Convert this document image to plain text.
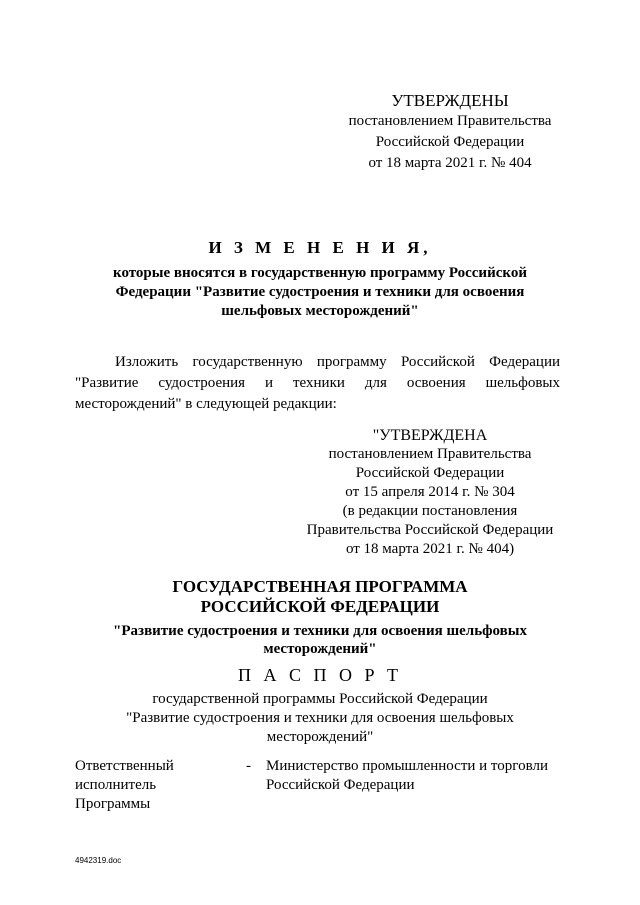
УТВЕРЖДЕНЫ
постановлением Правительства
Российской Федерации
от 18 марта 2021 г. № 404
И З М Е Н Е Н И Я,
которые вносятся в государственную программу Российской
Федерации "Развитие судостроения и техники для освоения
шельфовых месторождений"
Изложить государственную программу Российской Федерации "Развитие судостроения и техники для освоения шельфовых месторождений" в следующей редакции:
"УТВЕРЖДЕНА
постановлением Правительства
Российской Федерации
от 15 апреля 2014 г. № 304
(в редакции постановления
Правительства Российской Федерации
от 18 марта 2021 г. № 404)
ГОСУДАРСТВЕННАЯ ПРОГРАММА
РОССИЙСКОЙ ФЕДЕРАЦИИ
"Развитие судостроения и техники для освоения шельфовых
месторождений"
П А С П О Р Т
государственной программы Российской Федерации
"Развитие судостроения и техники для освоения шельфовых
месторождений"
Ответственный
исполнитель
Программы
- Министерство промышленности и торговли
Российской Федерации
4942319.doc
